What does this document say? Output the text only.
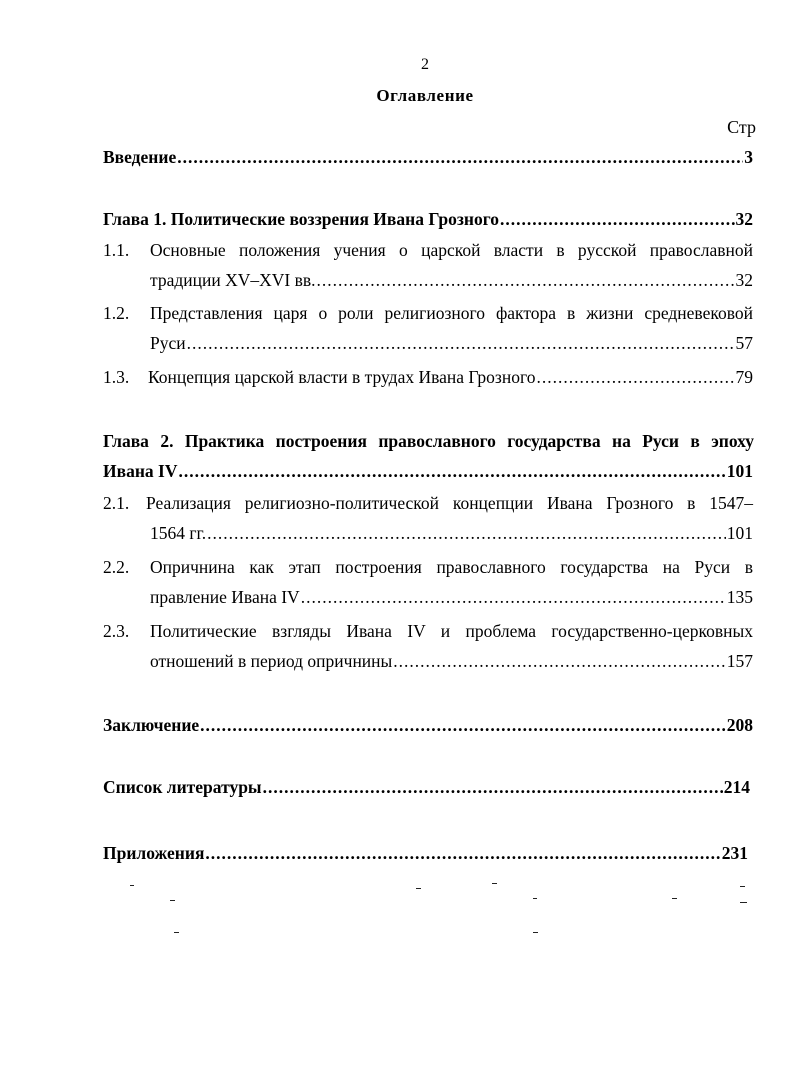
2
Оглавление
Стр
Введение .....	3
Глава 1. Политические воззрения Ивана Грозного .....	32
1.1. Основные положения учения о царской власти в русской православной
традиции XV–XVI вв. .....	32
1.2. Представления царя о роли религиозного фактора в жизни средневековой
Руси .....	57
1.3. Концепция царской власти в трудах Ивана Грозного .....	79
Глава 2. Практика построения православного государства на Руси в эпоху
Ивана IV .....	101
2.1. Реализация религиозно-политической концепции Ивана Грозного в 1547–
1564 гг. .....	101
2.2. Опричнина как этап построения православного государства на Руси в
правление Ивана IV .....	135
2.3. Политические взгляды Ивана IV и проблема государственно-церковных
отношений в период опричнины .....	157
Заключение .....	208
Список литературы .....	214
Приложения .....	231
